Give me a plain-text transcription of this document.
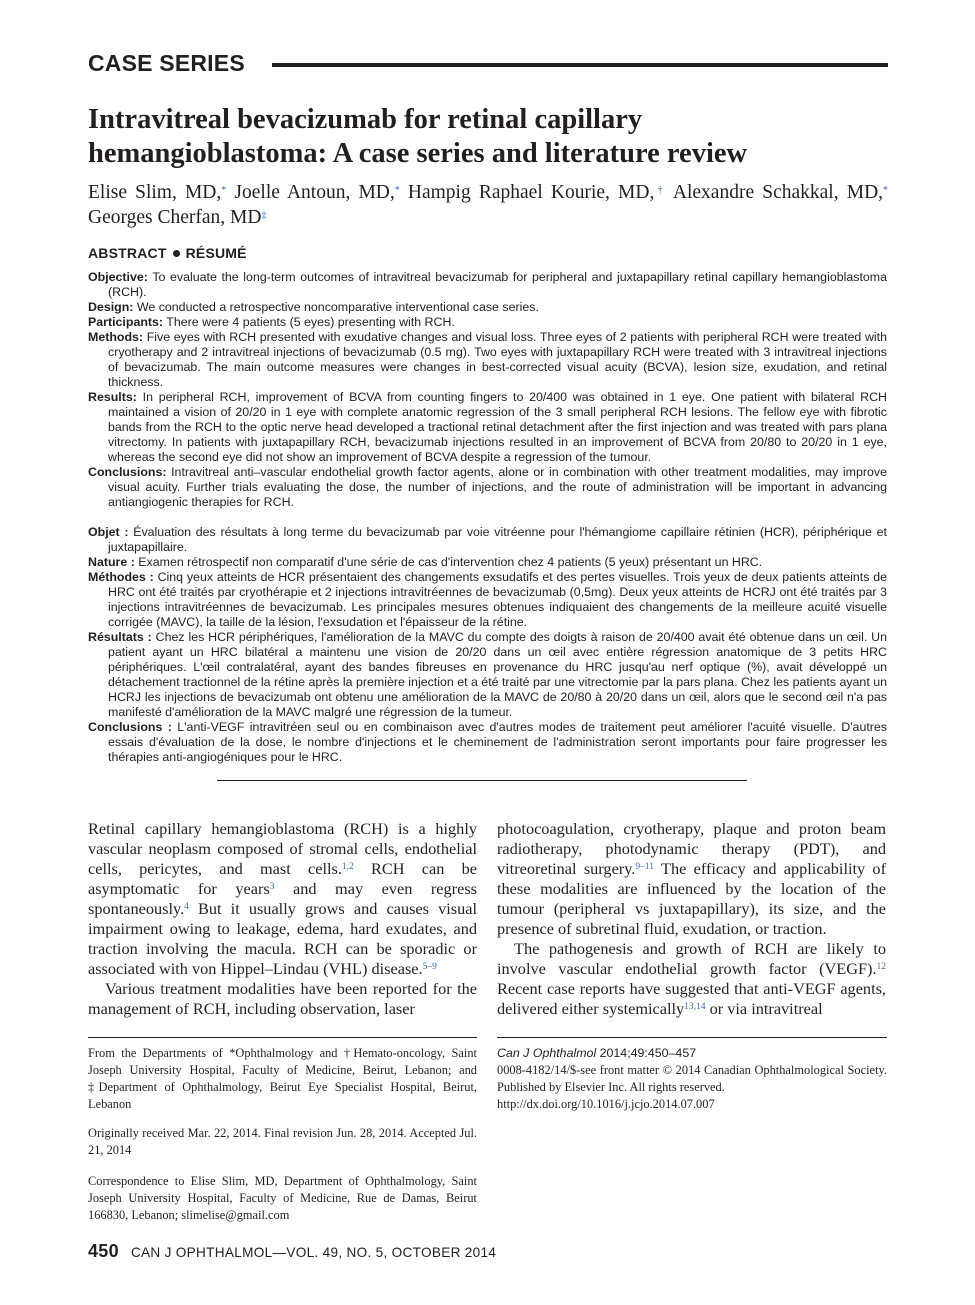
CASE SERIES
Intravitreal bevacizumab for retinal capillary
hemangioblastoma: A case series and literature review
Elise Slim, MD,* Joelle Antoun, MD,* Hampig Raphael Kourie, MD,† Alexandre Schakkal, MD,* Georges Cherfan, MD‡
ABSTRACT RÉSUMÉ
Objective: To evaluate the long-term outcomes of intravitreal bevacizumab for peripheral and juxtapapillary retinal capillary hemangioblastoma (RCH).
Design: We conducted a retrospective noncomparative interventional case series.
Participants: There were 4 patients (5 eyes) presenting with RCH.
Methods: Five eyes with RCH presented with exudative changes and visual loss. Three eyes of 2 patients with peripheral RCH were treated with cryotherapy and 2 intravitreal injections of bevacizumab (0.5 mg). Two eyes with juxtapapillary RCH were treated with 3 intravitreal injections of bevacizumab. The main outcome measures were changes in best-corrected visual acuity (BCVA), lesion size, exudation, and retinal thickness.
Results: In peripheral RCH, improvement of BCVA from counting fingers to 20/400 was obtained in 1 eye. One patient with bilateral RCH maintained a vision of 20/20 in 1 eye with complete anatomic regression of the 3 small peripheral RCH lesions. The fellow eye with fibrotic bands from the RCH to the optic nerve head developed a tractional retinal detachment after the first injection and was treated with pars plana vitrectomy. In patients with juxtapapillary RCH, bevacizumab injections resulted in an improvement of BCVA from 20/80 to 20/20 in 1 eye, whereas the second eye did not show an improvement of BCVA despite a regression of the tumour.
Conclusions: Intravitreal anti–vascular endothelial growth factor agents, alone or in combination with other treatment modalities, may improve visual acuity. Further trials evaluating the dose, the number of injections, and the route of administration will be important in advancing antiangiogenic therapies for RCH.
Objet : Évaluation des résultats à long terme du bevacizumab par voie vitréenne pour l'hémangiome capillaire rétinien (HCR), périphérique et juxtapapillaire.
Nature : Examen rétrospectif non comparatif d'une série de cas d'intervention chez 4 patients (5 yeux) présentant un HRC.
Méthodes : Cinq yeux atteints de HCR présentaient des changements exsudatifs et des pertes visuelles. Trois yeux de deux patients atteints de HRC ont été traités par cryothérapie et 2 injections intravitréennes de bevacizumab (0,5mg). Deux yeux atteints de HCRJ ont été traités par 3 injections intravitréennes de bevacizumab. Les principales mesures obtenues indiquaient des changements de la meilleure acuité visuelle corrigée (MAVC), la taille de la lésion, l'exsudation et l'épaisseur de la rétine.
Résultats : Chez les HCR périphériques, l'amélioration de la MAVC du compte des doigts à raison de 20/400 avait été obtenue dans un œil. Un patient ayant un HRC bilatéral a maintenu une vision de 20/20 dans un œil avec entière régression anatomique de 3 petits HRC périphériques. L'œil contralatéral, ayant des bandes fibreuses en provenance du HRC jusqu'au nerf optique (%), avait développé un détachement tractionnel de la rétine après la première injection et a été traité par une vitrectomie par la pars plana. Chez les patients ayant un HCRJ les injections de bevacizumab ont obtenu une amélioration de la MAVC de 20/80 à 20/20 dans un œil, alors que le second œil n'a pas manifesté d'amélioration de la MAVC malgré une régression de la tumeur.
Conclusions : L'anti-VEGF intravitréen seul ou en combinaison avec d'autres modes de traitement peut améliorer l'acuité visuelle. D'autres essais d'évaluation de la dose, le nombre d'injections et le cheminement de l'administration seront importants pour faire progresser les thérapies anti-angiogéniques pour le HRC.

Retinal capillary hemangioblastoma (RCH) is a highly vascular neoplasm composed of stromal cells, endothelial cells, pericytes, and mast cells.$^{1,2}$ RCH can be asymptomatic for years$^3$ and may even regress spontaneously.$^4$ But it usually grows and causes visual impairment owing to leakage, edema, hard exudates, and traction involving the macula. RCH can be sporadic or associated with von Hippel–Lindau (VHL) disease.$^{5-9}$

Various treatment modalities have been reported for the management of RCH, including observation, laser

photocoagulation, cryotherapy, plaque and proton beam radiotherapy, photodynamic therapy (PDT), and vitreoretinal surgery.$^{9-11}$ The efficacy and applicability of these modalities are influenced by the location of the tumour (peripheral vs juxtapapillary), its size, and the presence of subretinal fluid, exudation, or traction.

The pathogenesis and growth of RCH are likely to involve vascular endothelial growth factor (VEGF).$^{12}$ Recent case reports have suggested that anti-VEGF agents, delivered either systemically$^{13,14}$ or via intravitreal

From the Departments of *Ophthalmology and †Hemato-oncology, Saint Joseph University Hospital, Faculty of Medicine, Beirut, Lebanon; and ‡Department of Ophthalmology, Beirut Eye Specialist Hospital, Beirut, Lebanon
Originally received Mar. 22, 2014. Final revision Jun. 28, 2014. Accepted Jul. 21, 2014
Correspondence to Elise Slim, MD, Department of Ophthalmology, Saint Joseph University Hospital, Faculty of Medicine, Rue de Damas, Beirut 166830, Lebanon; slimelise@gmail.com
Can J Ophthalmol 2014;49:450–457
0008-4182/14/$-see front matter © 2014 Canadian Ophthalmological Society. Published by Elsevier Inc. All rights reserved.
http://dx.doi.org/10.1016/j.jcjo.2014.07.007
450 CAN J OPHTHALMOL—VOL. 49, NO. 5, OCTOBER 2014
